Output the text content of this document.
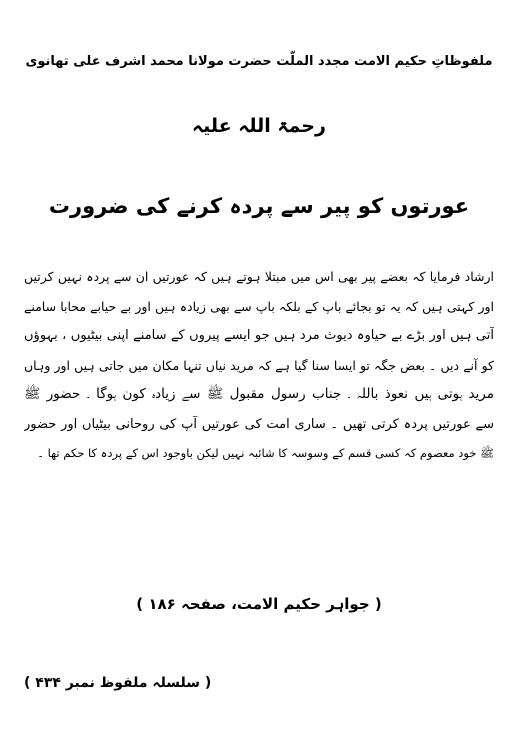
ملفوظاتِ حکیم الامت مجدد الملّت حضرت مولانا محمد اشرف علی تھانوی
رحمۃ اللہ علیہ
عورتوں کو پیر سے پردہ کرنے کی ضرورت
ارشاد فرمایا کہ بعضے پیر بھی اس میں مبتلا ہوتے ہیں کہ عورتیں ان سے پردہ نہیں کرتیں
اور کہتی ہیں کہ یہ تو بجائے باپ کے بلکہ باپ سے بھی زیادہ ہیں اور بے حیابے محابا سامنے
آتی ہیں اور بڑے بے حیاوہ دیوث مرد ہیں جو ایسے پیروں کے سامنے اپنی بیٹیوں ، بہوؤں
کو آنے دیں ۔ بعض جگہ تو ایسا سنا گیا ہے کہ مرید نیاں تنہا مکان میں جاتی ہیں اور وہاں
مرید ہوتی ہیں نعوذ باللہ ۔ جناب رسول مقبول ﷺ سے زیادہ کون ہوگا ۔ حضور ﷺ
سے عورتیں پردہ کرتی تھیں ۔ ساری امت کی عورتیں آپ کی روحانی بیٹیاں اور حضور
ﷺ خود معصوم کہ کسی قسم کے وسوسہ کا شائبہ نہیں لیکن باوجود اس کے پردہ کا حکم تھا ۔
( جواہر حکیم الامت، صفحہ ۱۸۶ )
( سلسلہ ملفوظ نمبر ۴۳۴ )
